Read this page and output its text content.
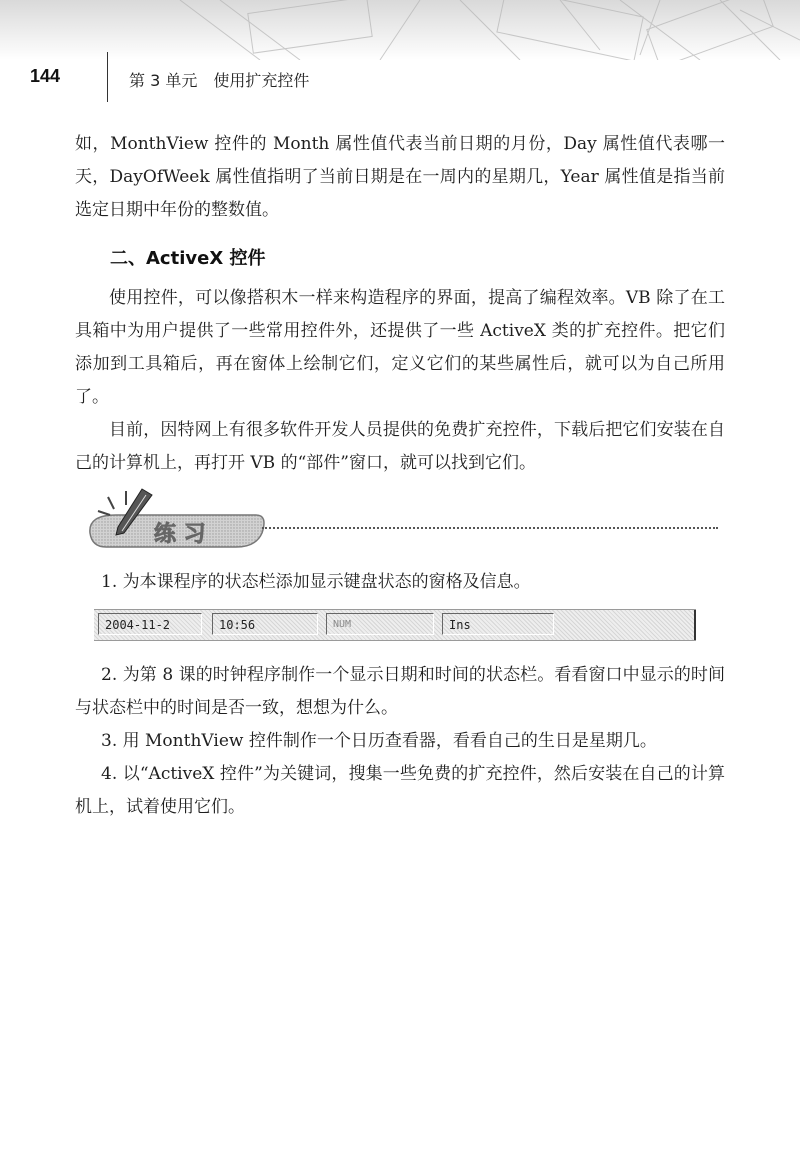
144	第 3 单元　使用扩充控件

如，MonthView 控件的 Month 属性值代表当前日期的月份，Day 属性值代表哪一天，DayOfWeek 属性值指明了当前日期是在一周内的星期几，Year 属性值是指当前选定日期中年份的整数值。

二、ActiveX 控件

使用控件，可以像搭积木一样来构造程序的界面，提高了编程效率。VB 除了在工具箱中为用户提供了一些常用控件外，还提供了一些 ActiveX 类的扩充控件。把它们添加到工具箱后，再在窗体上绘制它们，定义它们的某些属性后，就可以为自己所用了。

目前，因特网上有很多软件开发人员提供的免费扩充控件，下载后把它们安装在自己的计算机上，再打开 VB 的“部件”窗口，就可以找到它们。

练 习

1. 为本课程序的状态栏添加显示键盘状态的窗格及信息。

2004-11-2	10:56	NUM	Ins

2. 为第 8 课的时钟程序制作一个显示日期和时间的状态栏。看看窗口中显示的时间与状态栏中的时间是否一致，想想为什么。

3. 用 MonthView 控件制作一个日历查看器，看看自己的生日是星期几。

4. 以“ActiveX 控件”为关键词，搜集一些免费的扩充控件，然后安装在自己的计算机上，试着使用它们。
